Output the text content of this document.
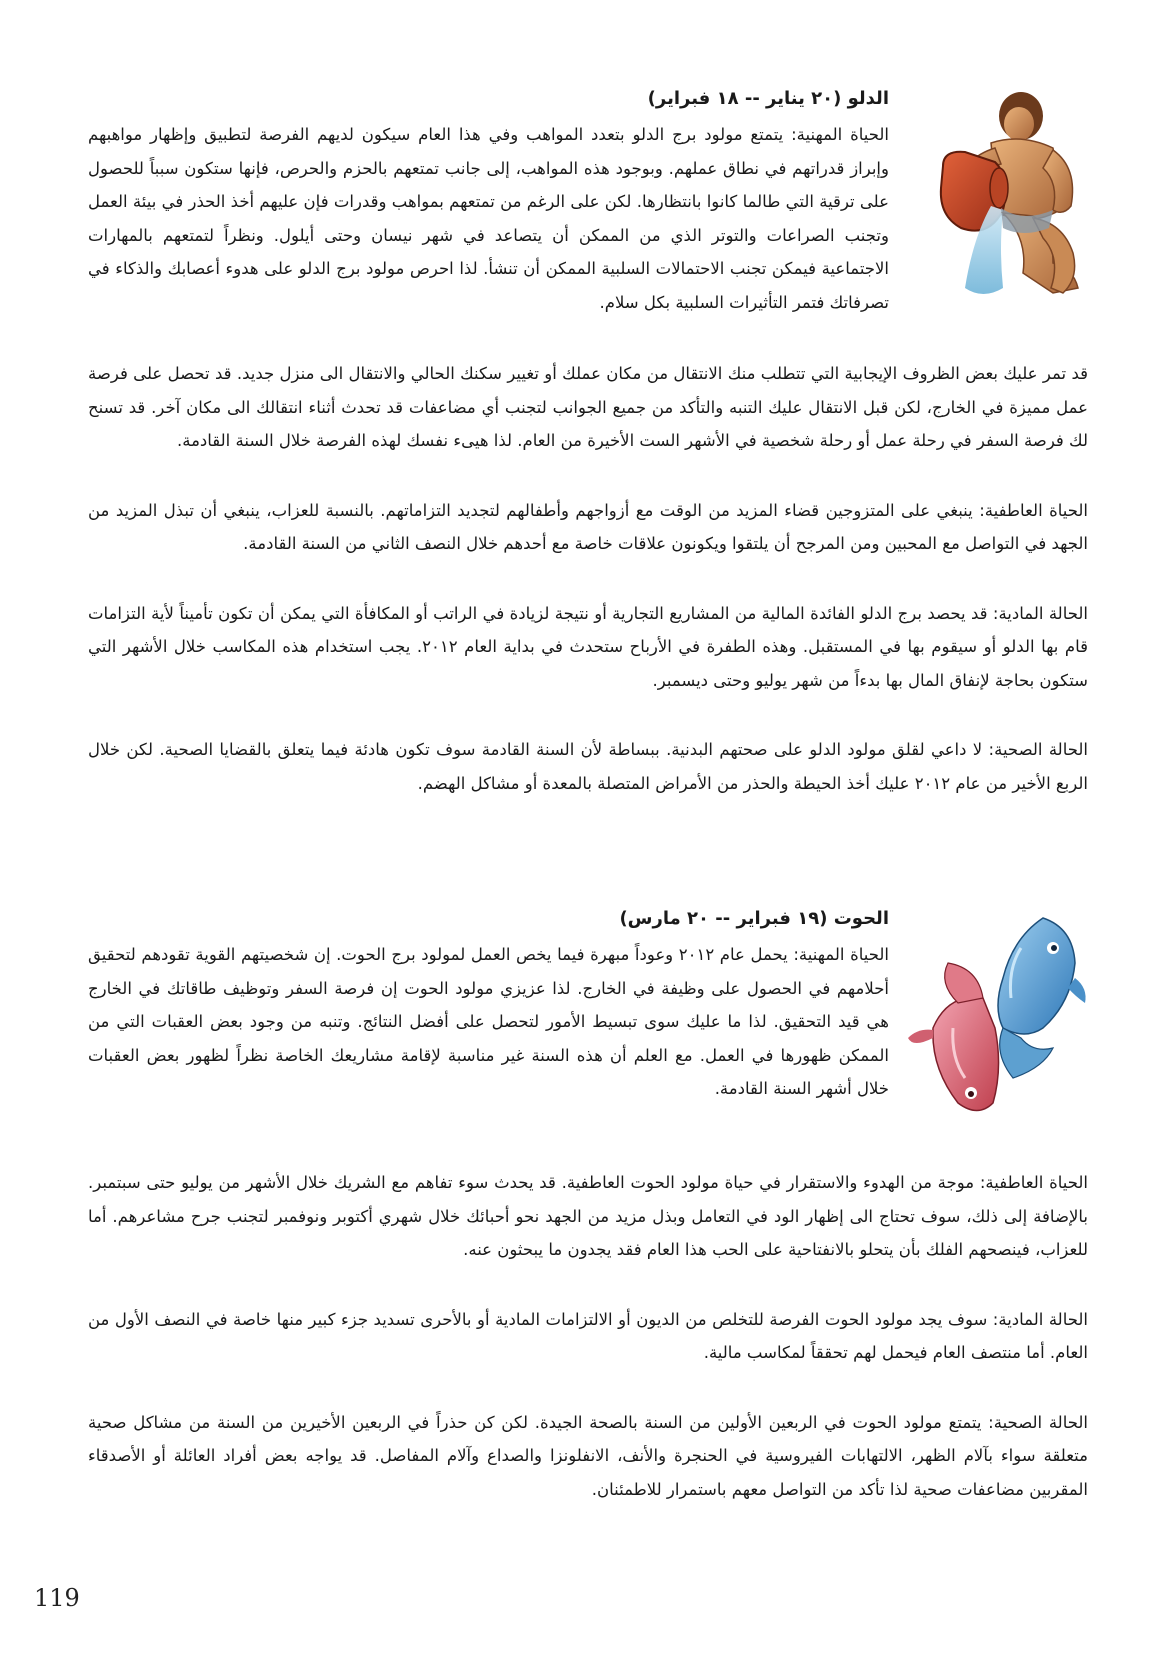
الدلو (٢٠ يناير -- ١٨ فبراير)

الحياة المهنية: يتمتع مولود برج الدلو بتعدد المواهب وفي هذا العام سيكون لديهم الفرصة لتطبيق وإظهار مواهبهم وإبراز قدراتهم في نطاق عملهم. وبوجود هذه المواهب، إلى جانب تمتعهم بالحزم والحرص، فإنها ستكون سبباً للحصول على ترقية التي طالما كانوا بانتظارها. لكن على الرغم من تمتعهم بمواهب وقدرات فإن عليهم أخذ الحذر في بيئة العمل وتجنب الصراعات والتوتر الذي من الممكن أن يتصاعد في شهر نيسان وحتى أيلول. ونظراً لتمتعهم بالمهارات الاجتماعية فيمكن تجنب الاحتمالات السلبية الممكن أن تنشأ. لذا احرص مولود برج الدلو على هدوء أعصابك والذكاء في تصرفاتك فتمر التأثيرات السلبية بكل سلام.

قد تمر عليك بعض الظروف الإيجابية التي تتطلب منك الانتقال من مكان عملك أو تغيير سكنك الحالي والانتقال الى منزل جديد. قد تحصل على فرصة عمل مميزة في الخارج، لكن قبل الانتقال عليك التنبه والتأكد من جميع الجوانب لتجنب أي مضاعفات قد تحدث أثناء انتقالك الى مكان آخر. قد تسنح لك فرصة السفر في رحلة عمل أو رحلة شخصية في الأشهر الست الأخيرة من العام. لذا هيىء نفسك لهذه الفرصة خلال السنة القادمة.

الحياة العاطفية: ينبغي على المتزوجين قضاء المزيد من الوقت مع أزواجهم وأطفالهم لتجديد التزاماتهم. بالنسبة للعزاب، ينبغي أن تبذل المزيد من الجهد في التواصل مع المحبين ومن المرجح أن يلتقوا ويكونون علاقات خاصة مع أحدهم خلال النصف الثاني من السنة القادمة.

الحالة المادية: قد يحصد برج الدلو الفائدة المالية من المشاريع التجارية أو نتيجة لزيادة في الراتب أو المكافأة التي يمكن أن تكون تأميناً لأية التزامات قام بها الدلو أو سيقوم بها في المستقبل. وهذه الطفرة في الأرباح ستحدث في بداية العام ٢٠١٢. يجب استخدام هذه المكاسب خلال الأشهر التي ستكون بحاجة لإنفاق المال بها بدءاً من شهر يوليو وحتى ديسمبر.

الحالة الصحية: لا داعي لقلق مولود الدلو على صحتهم البدنية. ببساطة لأن السنة القادمة سوف تكون هادئة فيما يتعلق بالقضايا الصحية. لكن خلال الربع الأخير من عام ٢٠١٢ عليك أخذ الحيطة والحذر من الأمراض المتصلة بالمعدة أو مشاكل الهضم.

الحوت (١٩ فبراير -- ٢٠ مارس)

الحياة المهنية: يحمل عام ٢٠١٢ وعوداً مبهرة فيما يخص العمل لمولود برج الحوت. إن شخصيتهم القوية تقودهم لتحقيق أحلامهم في الحصول على وظيفة في الخارج. لذا عزيزي مولود الحوت إن فرصة السفر وتوظيف طاقاتك في الخارج هي قيد التحقيق. لذا ما عليك سوى تبسيط الأمور لتحصل على أفضل النتائج. وتنبه من وجود بعض العقبات التي من الممكن ظهورها في العمل. مع العلم أن هذه السنة غير مناسبة لإقامة مشاريعك الخاصة نظراً لظهور بعض العقبات خلال أشهر السنة القادمة.

الحياة العاطفية: موجة من الهدوء والاستقرار في حياة مولود الحوت العاطفية. قد يحدث سوء تفاهم مع الشريك خلال الأشهر من يوليو حتى سبتمبر. بالإضافة إلى ذلك، سوف تحتاج الى إظهار الود في التعامل وبذل مزيد من الجهد نحو أحبائك خلال شهري أكتوبر ونوفمبر لتجنب جرح مشاعرهم. أما للعزاب، فينصحهم الفلك بأن يتحلو بالانفتاحية على الحب هذا العام فقد يجدون ما يبحثون عنه.

الحالة المادية: سوف يجد مولود الحوت الفرصة للتخلص من الديون أو الالتزامات المادية أو بالأحرى تسديد جزء كبير منها خاصة في النصف الأول من العام. أما منتصف العام فيحمل لهم تحققاً لمكاسب مالية.

الحالة الصحية: يتمتع مولود الحوت في الربعين الأولين من السنة بالصحة الجيدة. لكن كن حذراً في الربعين الأخيرين من السنة من مشاكل صحية متعلقة سواء بآلام الظهر، الالتهابات الفيروسية في الحنجرة والأنف، الانفلونزا والصداع وآلام المفاصل. قد يواجه بعض أفراد العائلة أو الأصدقاء المقربين مضاعفات صحية لذا تأكد من التواصل معهم باستمرار للاطمئنان.

119
